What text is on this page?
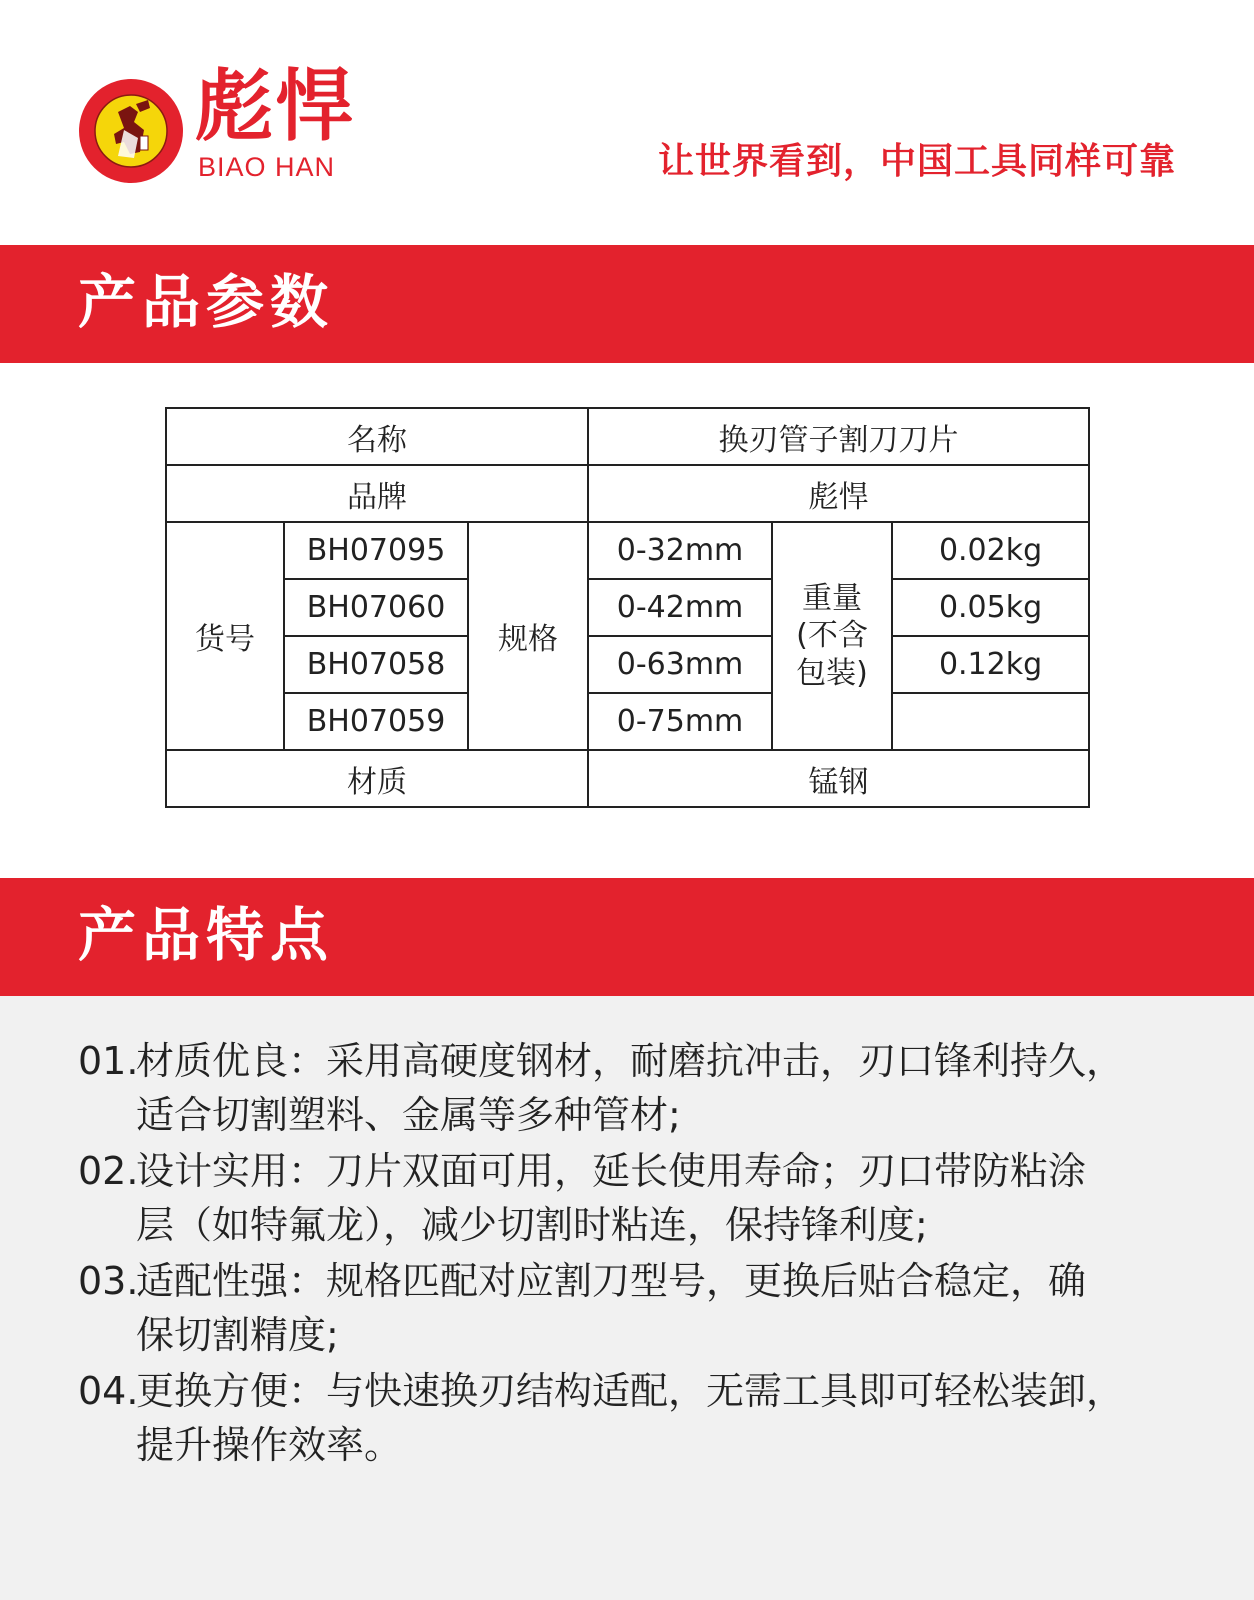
彪悍
BIAO HAN	让世界看到，中国工具同样可靠
产品参数
名称			换刃管子割刀刀片		
品牌			彪悍		
货号	BH07095	规格	0-32mm	重量(不含包装)	0.02kg
	BH07060		0-42mm		0.05kg
	BH07058		0-63mm		0.12kg
	BH07059		0-75mm		
材质			锰钢		
产品特点
01.材质优良：采用高硬度钢材，耐磨抗冲击，刃口锋利持久，
适合切割塑料、金属等多种管材;
02.设计实用：刀片双面可用，延长使用寿命；刃口带防粘涂
层（如特氟龙），减少切割时粘连，保持锋利度;
03.适配性强：规格匹配对应割刀型号，更换后贴合稳定，确
保切割精度;
04.更换方便：与快速换刃结构适配，无需工具即可轻松装卸，
提升操作效率。
